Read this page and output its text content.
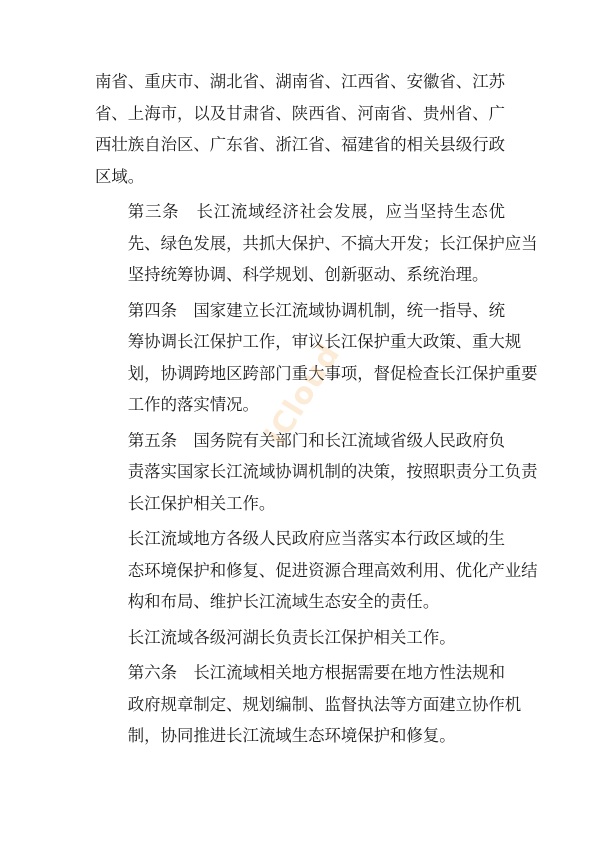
南省、重庆市、湖北省、湖南省、江西省、安徽省、江苏
省、上海市，以及甘肃省、陕西省、河南省、贵州省、广
西壮族自治区、广东省、浙江省、福建省的相关县级行政
区域。

第三条　长江流域经济社会发展，应当坚持生态优
先、绿色发展，共抓大保护、不搞大开发；长江保护应当
坚持统筹协调、科学规划、创新驱动、系统治理。

第四条　国家建立长江流域协调机制，统一指导、统
筹协调长江保护工作，审议长江保护重大政策、重大规
划，协调跨地区跨部门重大事项，督促检查长江保护重要
工作的落实情况。

第五条　国务院有关部门和长江流域省级人民政府负
责落实国家长江流域协调机制的决策，按照职责分工负责
长江保护相关工作。

长江流域地方各级人民政府应当落实本行政区域的生
态环境保护和修复、促进资源合理高效利用、优化产业结
构和布局、维护长江流域生态安全的责任。

长江流域各级河湖长负责长江保护相关工作。

第六条　长江流域相关地方根据需要在地方性法规和
政府规章制定、规划编制、监督执法等方面建立协作机
制，协同推进长江流域生态环境保护和修复。

iCloud
